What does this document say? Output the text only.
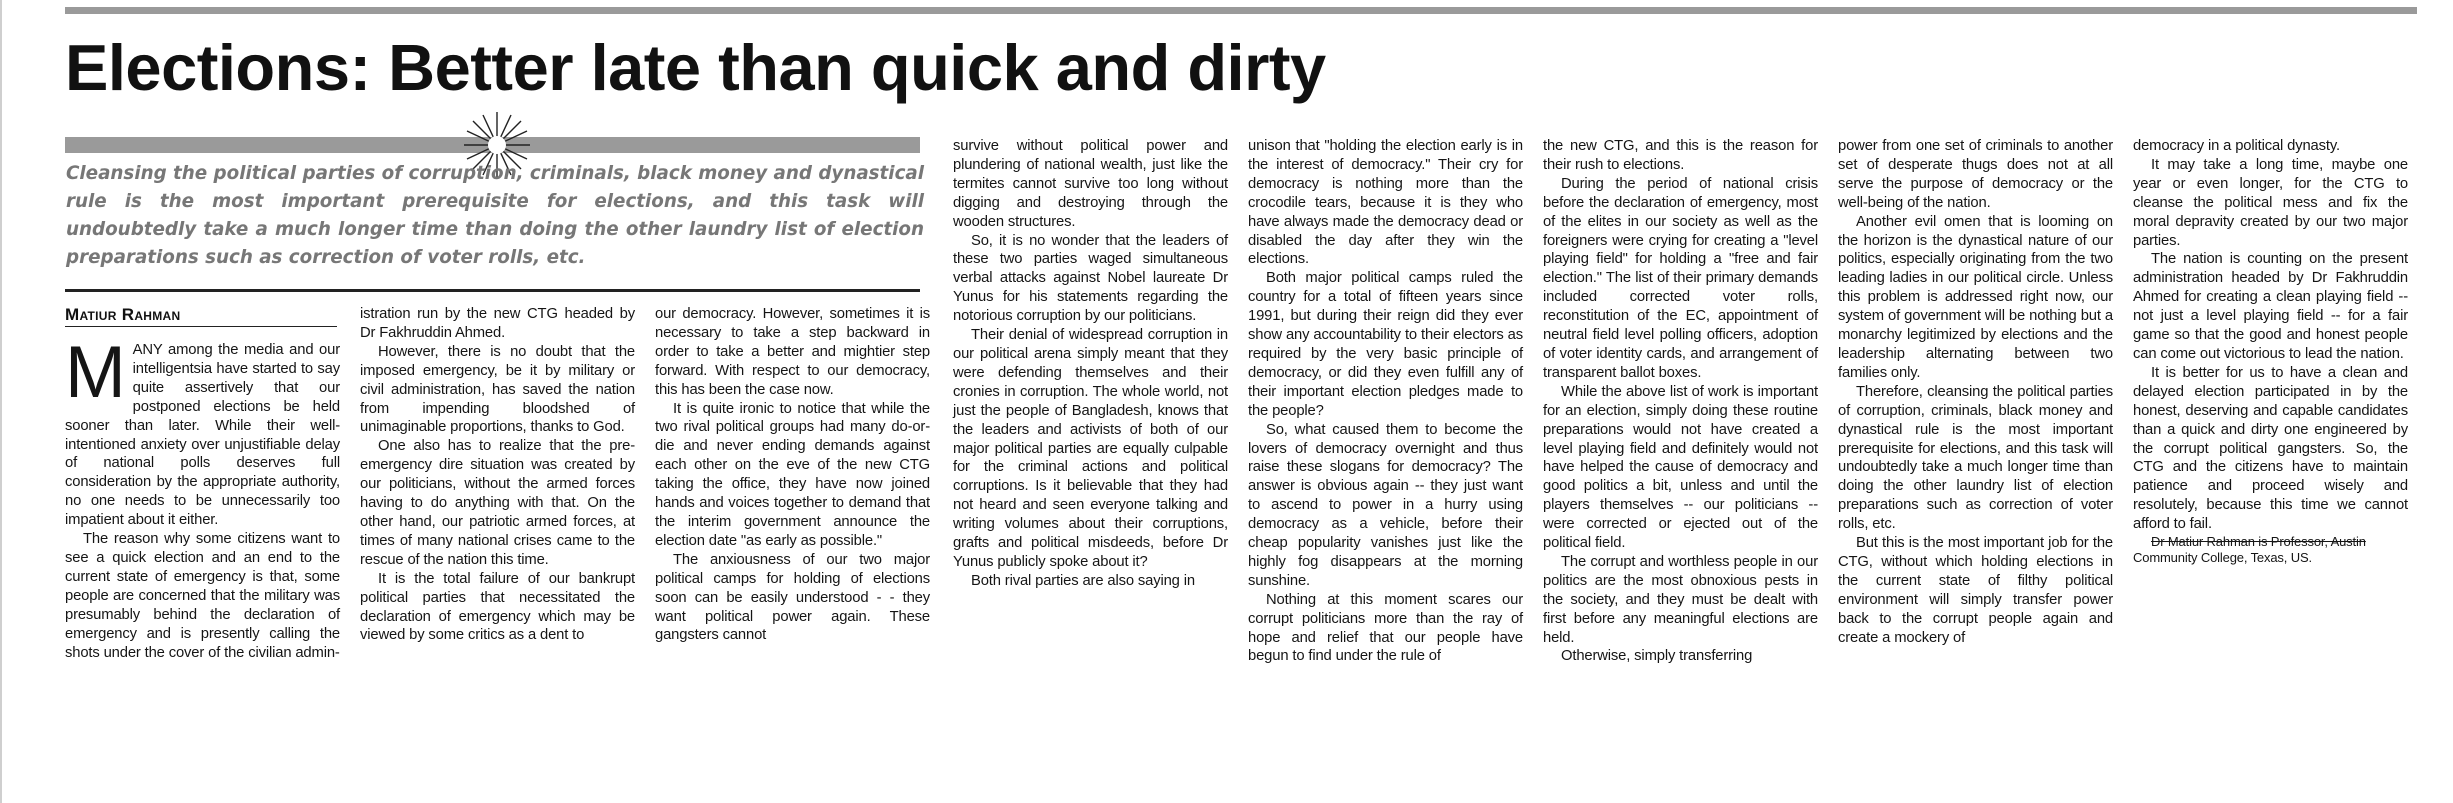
Elections: Better late than quick and dirty

Cleansing the political parties of corruption, criminals, black money and dynastical rule is the most important prerequisite for elections, and this task will undoubtedly take a much longer time than doing the other laundry list of election preparations such as correction of voter rolls, etc.

Matiur Rahman

MANY among the media and our intelligentsia have started to say quite assertively that our postponed elections be held sooner than later. While their well-intentioned anxiety over unjustifiable delay of national polls deserves full consideration by the appropriate authority, no one needs to be unnecessarily too impatient about it either.

The reason why some citizens want to see a quick election and an end to the current state of emergency is that, some people are concerned that the military was presumably behind the declaration of emergency and is presently calling the shots under the cover of the civilian admin-

istration run by the new CTG headed by Dr Fakhruddin Ahmed.

However, there is no doubt that the imposed emergency, be it by military or civil administration, has saved the nation from impending bloodshed of unimaginable proportions, thanks to God.

One also has to realize that the pre-emergency dire situation was created by our politicians, without the armed forces having to do anything with that. On the other hand, our patriotic armed forces, at times of many national crises came to the rescue of the nation this time.

It is the total failure of our bankrupt political parties that necessitated the declaration of emergency which may be viewed by some critics as a dent to

our democracy. However, sometimes it is necessary to take a step backward in order to take a better and mightier step forward. With respect to our democracy, this has been the case now.

It is quite ironic to notice that while the two rival political groups had many do-or-die and never ending demands against each other on the eve of the new CTG taking the office, they have now joined hands and voices together to demand that the interim government announce the election date "as early as possible."

The anxiousness of our two major political camps for holding of elections soon can be easily understood - - they want political power again. These gangsters cannot

survive without political power and plundering of national wealth, just like the termites cannot survive too long without digging and destroying through the wooden structures.

So, it is no wonder that the leaders of these two parties waged simultaneous verbal attacks against Nobel laureate Dr Yunus for his statements regarding the notorious corruption by our politicians.

Their denial of widespread corruption in our political arena simply meant that they were defending themselves and their cronies in corruption. The whole world, not just the people of Bangladesh, knows that the leaders and activists of both of our major political parties are equally culpable for the criminal actions and political corruptions. Is it believable that they had not heard and seen everyone talking and writing volumes about their corruptions, grafts and political misdeeds, before Dr Yunus publicly spoke about it?

Both rival parties are also saying in

unison that "holding the election early is in the interest of democracy." Their cry for democracy is nothing more than the crocodile tears, because it is they who have always made the democracy dead or disabled the day after they win the elections.

Both major political camps ruled the country for a total of fifteen years since 1991, but during their reign did they ever show any accountability to their electors as required by the very basic principle of democracy, or did they even fulfill any of their important election pledges made to the people?

So, what caused them to become the lovers of democracy overnight and thus raise these slogans for democracy? The answer is obvious again -- they just want to ascend to power in a hurry using democracy as a vehicle, before their cheap popularity vanishes just like the highly fog disappears at the morning sunshine.

Nothing at this moment scares our corrupt politicians more than the ray of hope and relief that our people have begun to find under the rule of

the new CTG, and this is the reason for their rush to elections.

During the period of national crisis before the declaration of emergency, most of the elites in our society as well as the foreigners were crying for creating a "level playing field" for holding a "free and fair election." The list of their primary demands included corrected voter rolls, reconstitution of the EC, appointment of neutral field level polling officers, adoption of voter identity cards, and arrangement of transparent ballot boxes.

While the above list of work is important for an election, simply doing these routine preparations would not have created a level playing field and definitely would not have helped the cause of democracy and good politics a bit, unless and until the players themselves -- our politicians -- were corrected or ejected out of the political field.

The corrupt and worthless people in our politics are the most obnoxious pests in the society, and they must be dealt with first before any meaningful elections are held.

Otherwise, simply transferring

power from one set of criminals to another set of desperate thugs does not at all serve the purpose of democracy or the well-being of the nation.

Another evil omen that is looming on the horizon is the dynastical nature of our politics, especially originating from the two leading ladies in our political circle. Unless this problem is addressed right now, our system of government will be nothing but a monarchy legitimized by elections and the leadership alternating between two families only.

Therefore, cleansing the political parties of corruption, criminals, black money and dynastical rule is the most important prerequisite for elections, and this task will undoubtedly take a much longer time than doing the other laundry list of election preparations such as correction of voter rolls, etc.

But this is the most important job for the CTG, without which holding elections in the current state of filthy political environment will simply transfer power back to the corrupt people again and create a mockery of

democracy in a political dynasty.

It may take a long time, maybe one year or even longer, for the CTG to cleanse the political mess and fix the moral depravity created by our two major parties.

The nation is counting on the present administration headed by Dr Fakhruddin Ahmed for creating a clean playing field -- not just a level playing field -- for a fair game so that the good and honest people can come out victorious to lead the nation.

It is better for us to have a clean and delayed election participated in by the honest, deserving and capable candidates than a quick and dirty one engineered by the corrupt political gangsters. So, the CTG and the citizens have to maintain patience and proceed wisely and resolutely, because this time we cannot afford to fail.

Dr Matiur Rahman is Professor, Austin
Community College, Texas, US.
